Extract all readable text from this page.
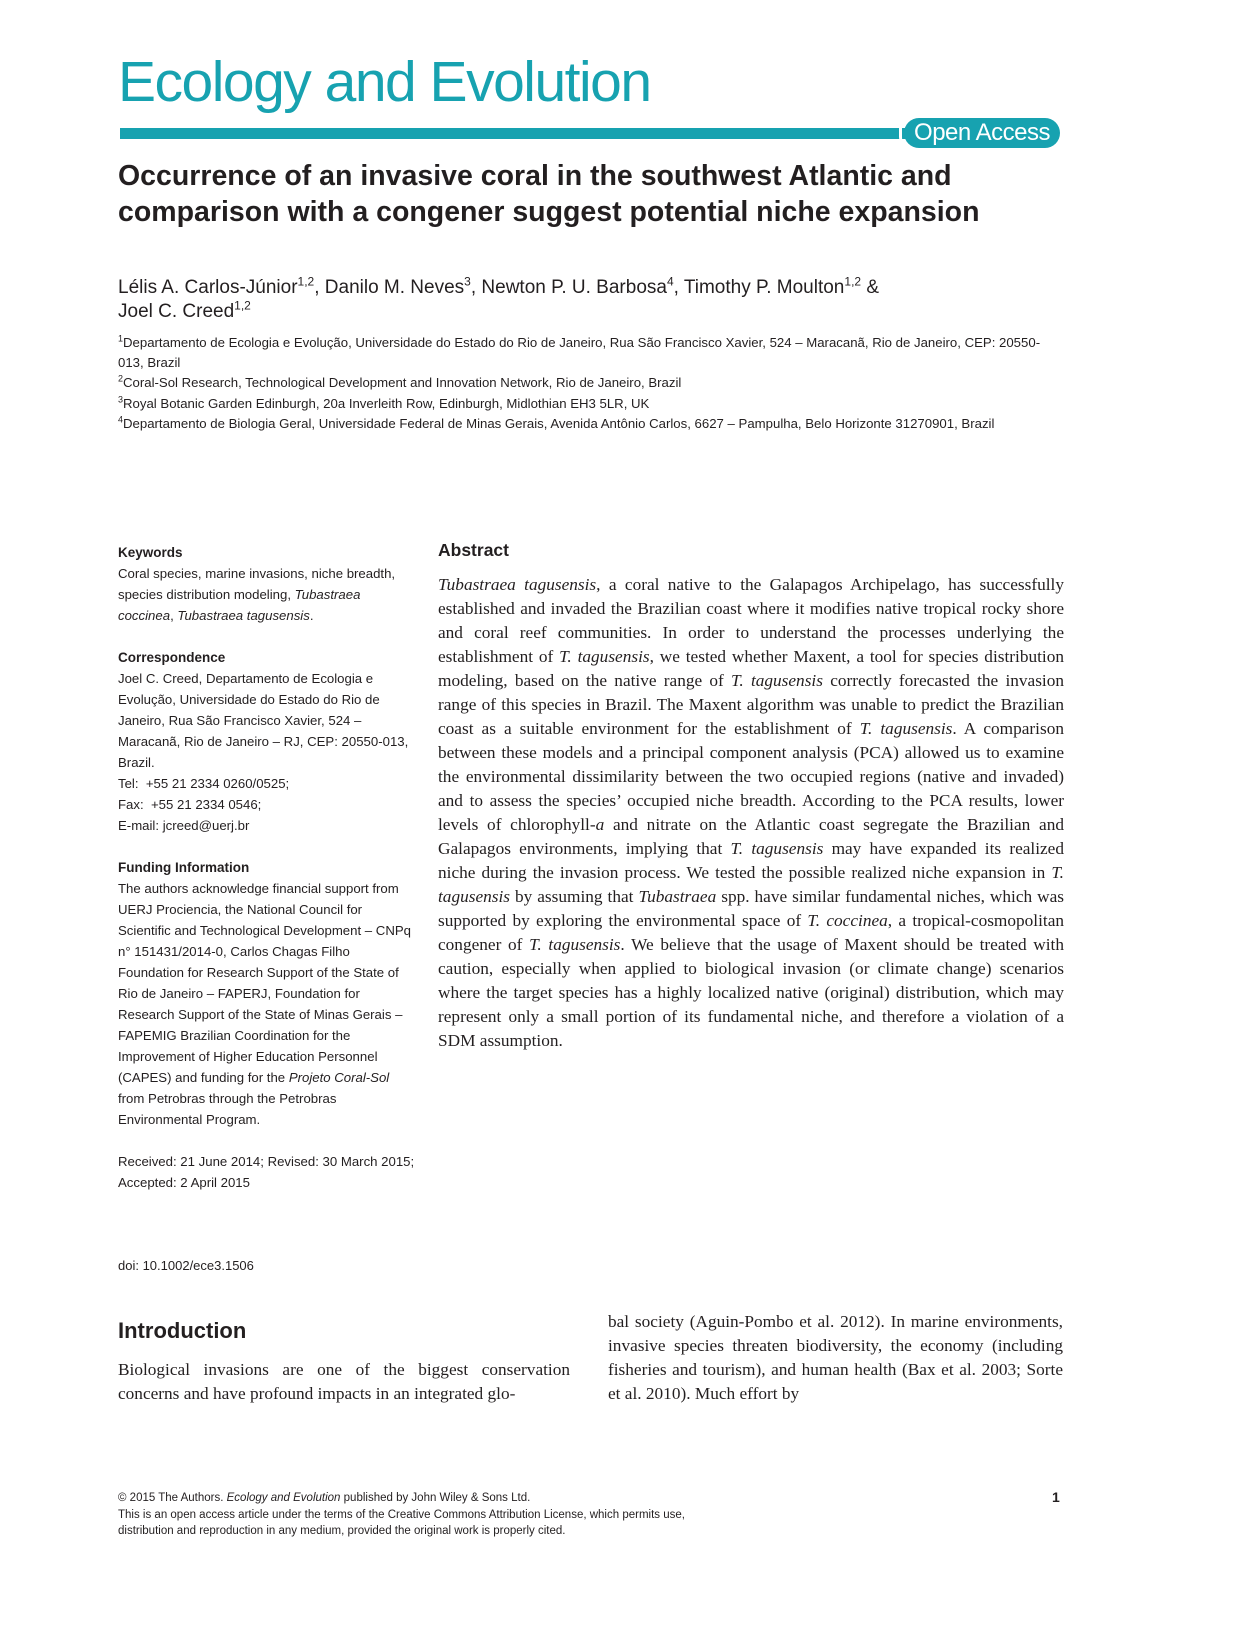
Ecology and Evolution
Open Access
Occurrence of an invasive coral in the southwest Atlantic and comparison with a congener suggest potential niche expansion
Lélis A. Carlos-Júnior$^{1,2}$, Danilo M. Neves$^3$, Newton P. U. Barbosa$^4$, Timothy P. Moulton$^{1,2}$ &
Joel C. Creed$^{1,2}$

$^1$Departamento de Ecologia e Evolução, Universidade do Estado do Rio de Janeiro, Rua São Francisco Xavier, 524 – Maracanã, Rio de Janeiro, CEP: 20550-013, Brazil

$^2$Coral-Sol Research, Technological Development and Innovation Network, Rio de Janeiro, Brazil

$^3$Royal Botanic Garden Edinburgh, 20a Inverleith Row, Edinburgh, Midlothian EH3 5LR, UK

$^4$Departamento de Biologia Geral, Universidade Federal de Minas Gerais, Avenida Antônio Carlos, 6627 – Pampulha, Belo Horizonte 31270901, Brazil

Keywords

Coral species, marine invasions, niche breadth, species distribution modeling, Tubastraea coccinea, Tubastraea tagusensis.

Correspondence

Joel C. Creed, Departamento de Ecologia e Evolução, Universidade do Estado do Rio de Janeiro, Rua São Francisco Xavier, 524 – Maracanã, Rio de Janeiro – RJ, CEP: 20550-013, Brazil.

Tel:  +55 21 2334 0260/0525;

Fax:  +55 21 2334 0546;

E-mail: jcreed@uerj.br

Funding Information

The authors acknowledge financial support from UERJ Prociencia, the National Council for Scientific and Technological Development – CNPq n° 151431/2014-0, Carlos Chagas Filho Foundation for Research Support of the State of Rio de Janeiro – FAPERJ, Foundation for Research Support of the State of Minas Gerais – FAPEMIG Brazilian Coordination for the Improvement of Higher Education Personnel (CAPES) and funding for the Projeto Coral-Sol from Petrobras through the Petrobras Environmental Program.

Received: 21 June 2014; Revised: 30 March 2015; Accepted: 2 April 2015

Abstract

Tubastraea tagusensis, a coral native to the Galapagos Archipelago, has successfully established and invaded the Brazilian coast where it modifies native tropical rocky shore and coral reef communities. In order to understand the processes underlying the establishment of T. tagusensis, we tested whether Maxent, a tool for species distribution modeling, based on the native range of T. tagusensis correctly forecasted the invasion range of this species in Brazil. The Maxent algorithm was unable to predict the Brazilian coast as a suitable environment for the establishment of T. tagusensis. A comparison between these models and a principal component analysis (PCA) allowed us to examine the environmental dissimilarity between the two occupied regions (native and invaded) and to assess the species’ occupied niche breadth. According to the PCA results, lower levels of chlorophyll-a and nitrate on the Atlantic coast segregate the Brazilian and Galapagos environments, implying that T. tagusensis may have expanded its realized niche during the invasion process. We tested the possible realized niche expansion in T. tagusensis by assuming that Tubastraea spp. have similar fundamental niches, which was supported by exploring the environmental space of T. coccinea, a tropical-cosmopolitan congener of T. tagusensis. We believe that the usage of Maxent should be treated with caution, especially when applied to biological invasion (or climate change) scenarios where the target species has a highly localized native (original) distribution, which may represent only a small portion of its fundamental niche, and therefore a violation of a SDM assumption.

doi: 10.1002/ece3.1506
Introduction

Biological invasions are one of the biggest conservation concerns and have profound impacts in an integrated glo-

bal society (Aguin-Pombo et al. 2012). In marine environments, invasive species threaten biodiversity, the economy (including fisheries and tourism), and human health (Bax et al. 2003; Sorte et al. 2010). Much effort by

© 2015 The Authors. Ecology and Evolution published by John Wiley & Sons Ltd.

This is an open access article under the terms of the Creative Commons Attribution License, which permits use,

distribution and reproduction in any medium, provided the original work is properly cited.

1
